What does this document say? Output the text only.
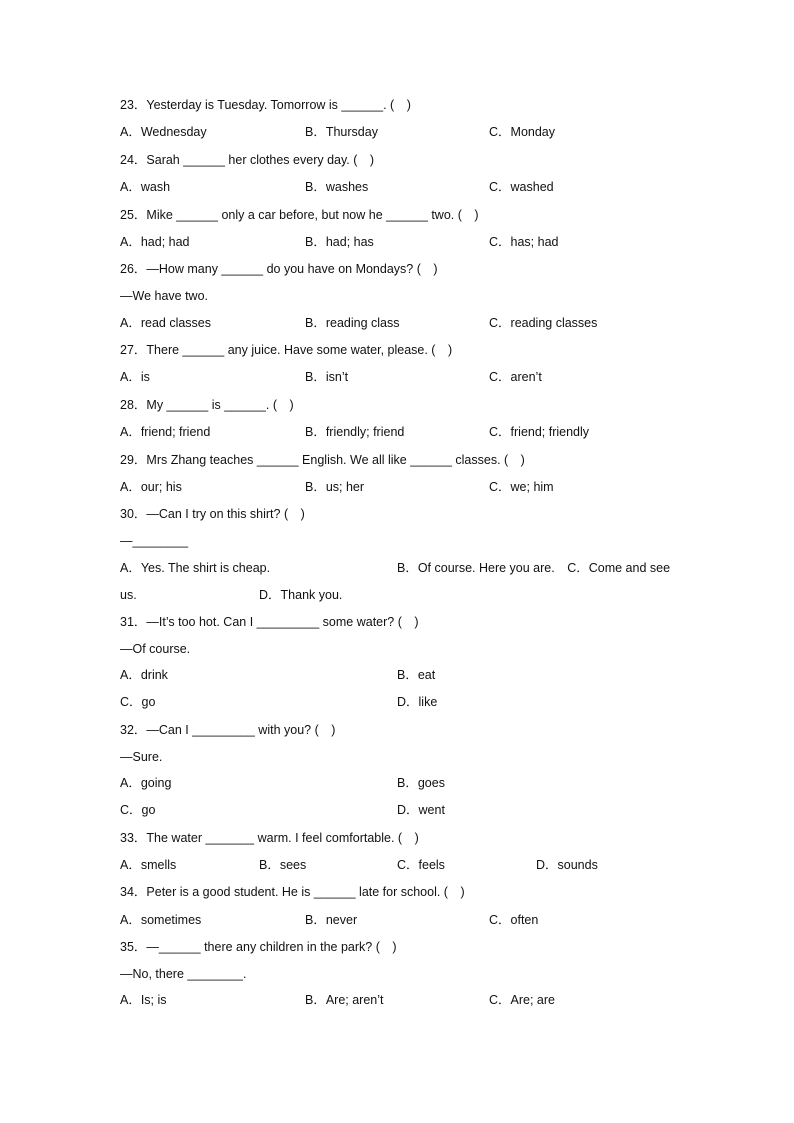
23．Yesterday is Tuesday. Tomorrow is ______. (　)
A．Wednesday	B．Thursday	C．Monday
24．Sarah ______ her clothes every day. (　)
A．wash	B．washes	C．washed
25．Mike ______ only a car before, but now he ______ two. (　)
A．had; had	B．had; has	C．has; had
26．—How many ______ do you have on Mondays? (　)
—We have two.
A．read classes	B．reading class	C．reading classes
27．There ______ any juice. Have some water, please. (　)
A．is	B．isn’t	C．aren’t
28．My ______ is ______. (　)
A．friend; friend	B．friendly; friend	C．friend; friendly
29．Mrs Zhang teaches ______ English. We all like ______ classes. (　)
A．our; his	B．us; her	C．we; him
30．—Can I try on this shirt? (　)
—________
A．Yes. The shirt is cheap.	B．Of course. Here you are.　C．Come and see
us.	D．Thank you.
31．—It’s too hot. Can I _________ some water? (　)
—Of course.
A．drink	B．eat
C．go	D．like
32．—Can I _________ with you? (　)
—Sure.
A．going	B．goes
C．go	D．went
33．The water _______ warm. I feel comfortable. (　)
A．smells	B．sees	C．feels	D．sounds
34．Peter is a good student. He is ______ late for school. (　)
A．sometimes	B．never	C．often
35．—______ there any children in the park? (　)
—No, there ________.
A．Is; is	B．Are; aren’t	C．Are; are
